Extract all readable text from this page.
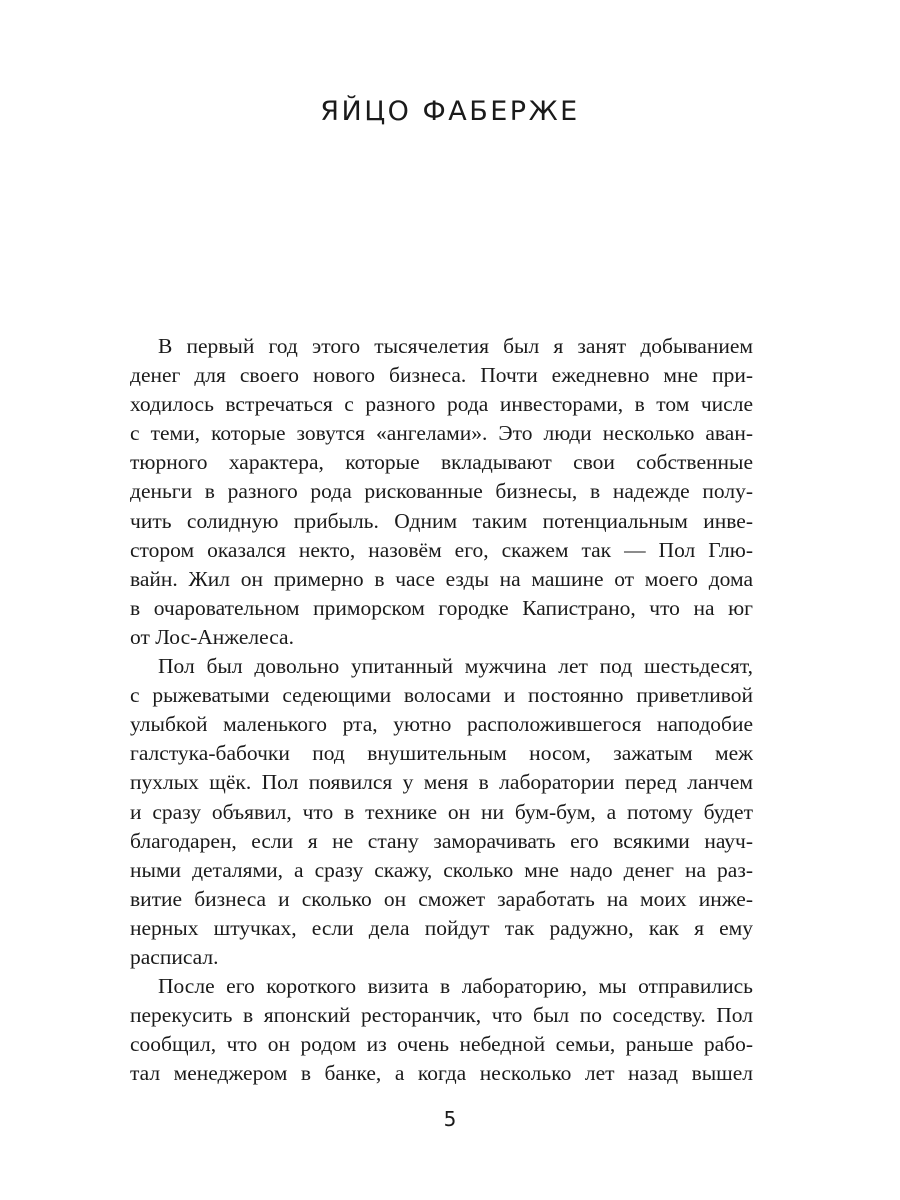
ЯЙЦО ФАБЕРЖЕ

В первый год этого тысячелетия был я занят добыванием
денег для своего нового бизнеса. Почти ежедневно мне при-
ходилось встречаться с разного рода инвесторами, в том числе
с теми, которые зовутся «ангелами». Это люди несколько аван-
тюрного характера, которые вкладывают свои собственные
деньги в разного рода рискованные бизнесы, в надежде полу-
чить солидную прибыль. Одним таким потенциальным инве-
стором оказался некто, назовём его, скажем так — Пол Глю-
вайн. Жил он примерно в часе езды на машине от моего дома
в очаровательном приморском городке Капистрано, что на юг
от Лос-Анжелеса.

Пол был довольно упитанный мужчина лет под шестьдесят,
с рыжеватыми седеющими волосами и постоянно приветливой
улыбкой маленького рта, уютно расположившегося наподобие
галстука-бабочки под внушительным носом, зажатым меж
пухлых щёк. Пол появился у меня в лаборатории перед ланчем
и сразу объявил, что в технике он ни бум-бум, а потому будет
благодарен, если я не стану заморачивать его всякими науч-
ными деталями, а сразу скажу, сколько мне надо денег на раз-
витие бизнеса и сколько он сможет заработать на моих инже-
нерных штучках, если дела пойдут так радужно, как я ему
расписал.

После его короткого визита в лабораторию, мы отправились
перекусить в японский ресторанчик, что был по соседству. Пол
сообщил, что он родом из очень небедной семьи, раньше рабо-
тал менеджером в банке, а когда несколько лет назад вышел

5
